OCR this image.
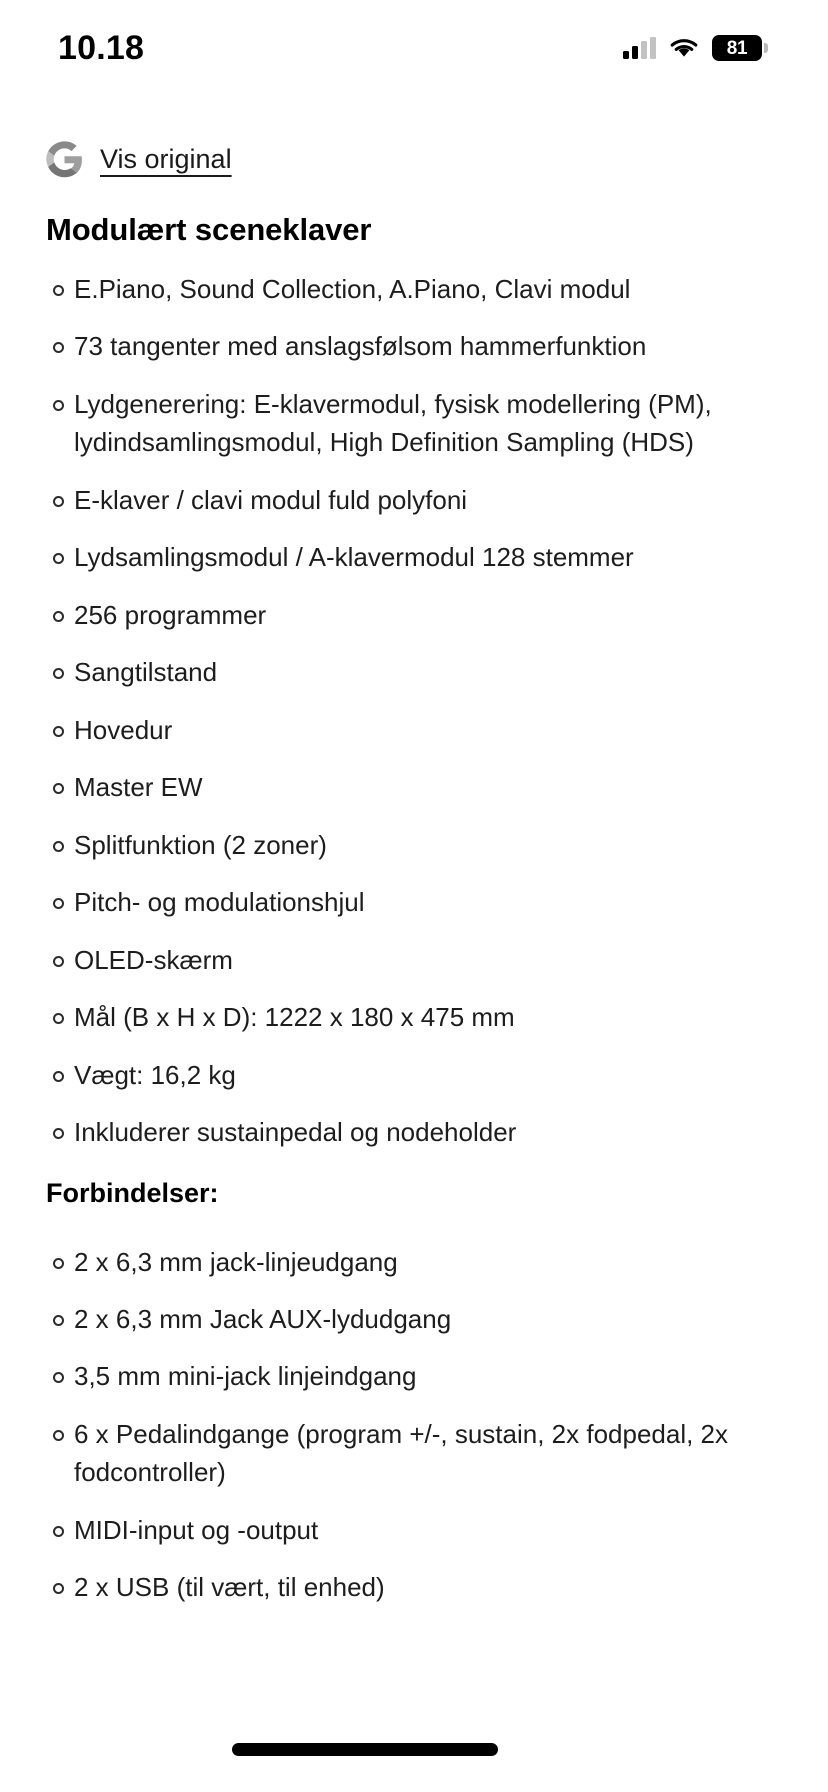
10.18	81
Vis original
Modulært sceneklaver
E.Piano, Sound Collection, A.Piano, Clavi modul
73 tangenter med anslagsfølsom hammerfunktion
Lydgenerering: E-klavermodul, fysisk modellering (PM), lydindsamlingsmodul, High Definition Sampling (HDS)
E-klaver / clavi modul fuld polyfoni
Lydsamlingsmodul / A-klavermodul 128 stemmer
256 programmer
Sangtilstand
Hovedur
Master EW
Splitfunktion (2 zoner)
Pitch- og modulationshjul
OLED-skærm
Mål (B x H x D): 1222 x 180 x 475 mm
Vægt: 16,2 kg
Inkluderer sustainpedal og nodeholder
Forbindelser:
2 x 6,3 mm jack-linjeudgang
2 x 6,3 mm Jack AUX-lydudgang
3,5 mm mini-jack linjeindgang
6 x Pedalindgange (program +/-, sustain, 2x fodpedal, 2x fodcontroller)
MIDI-input og -output
2 x USB (til vært, til enhed)
